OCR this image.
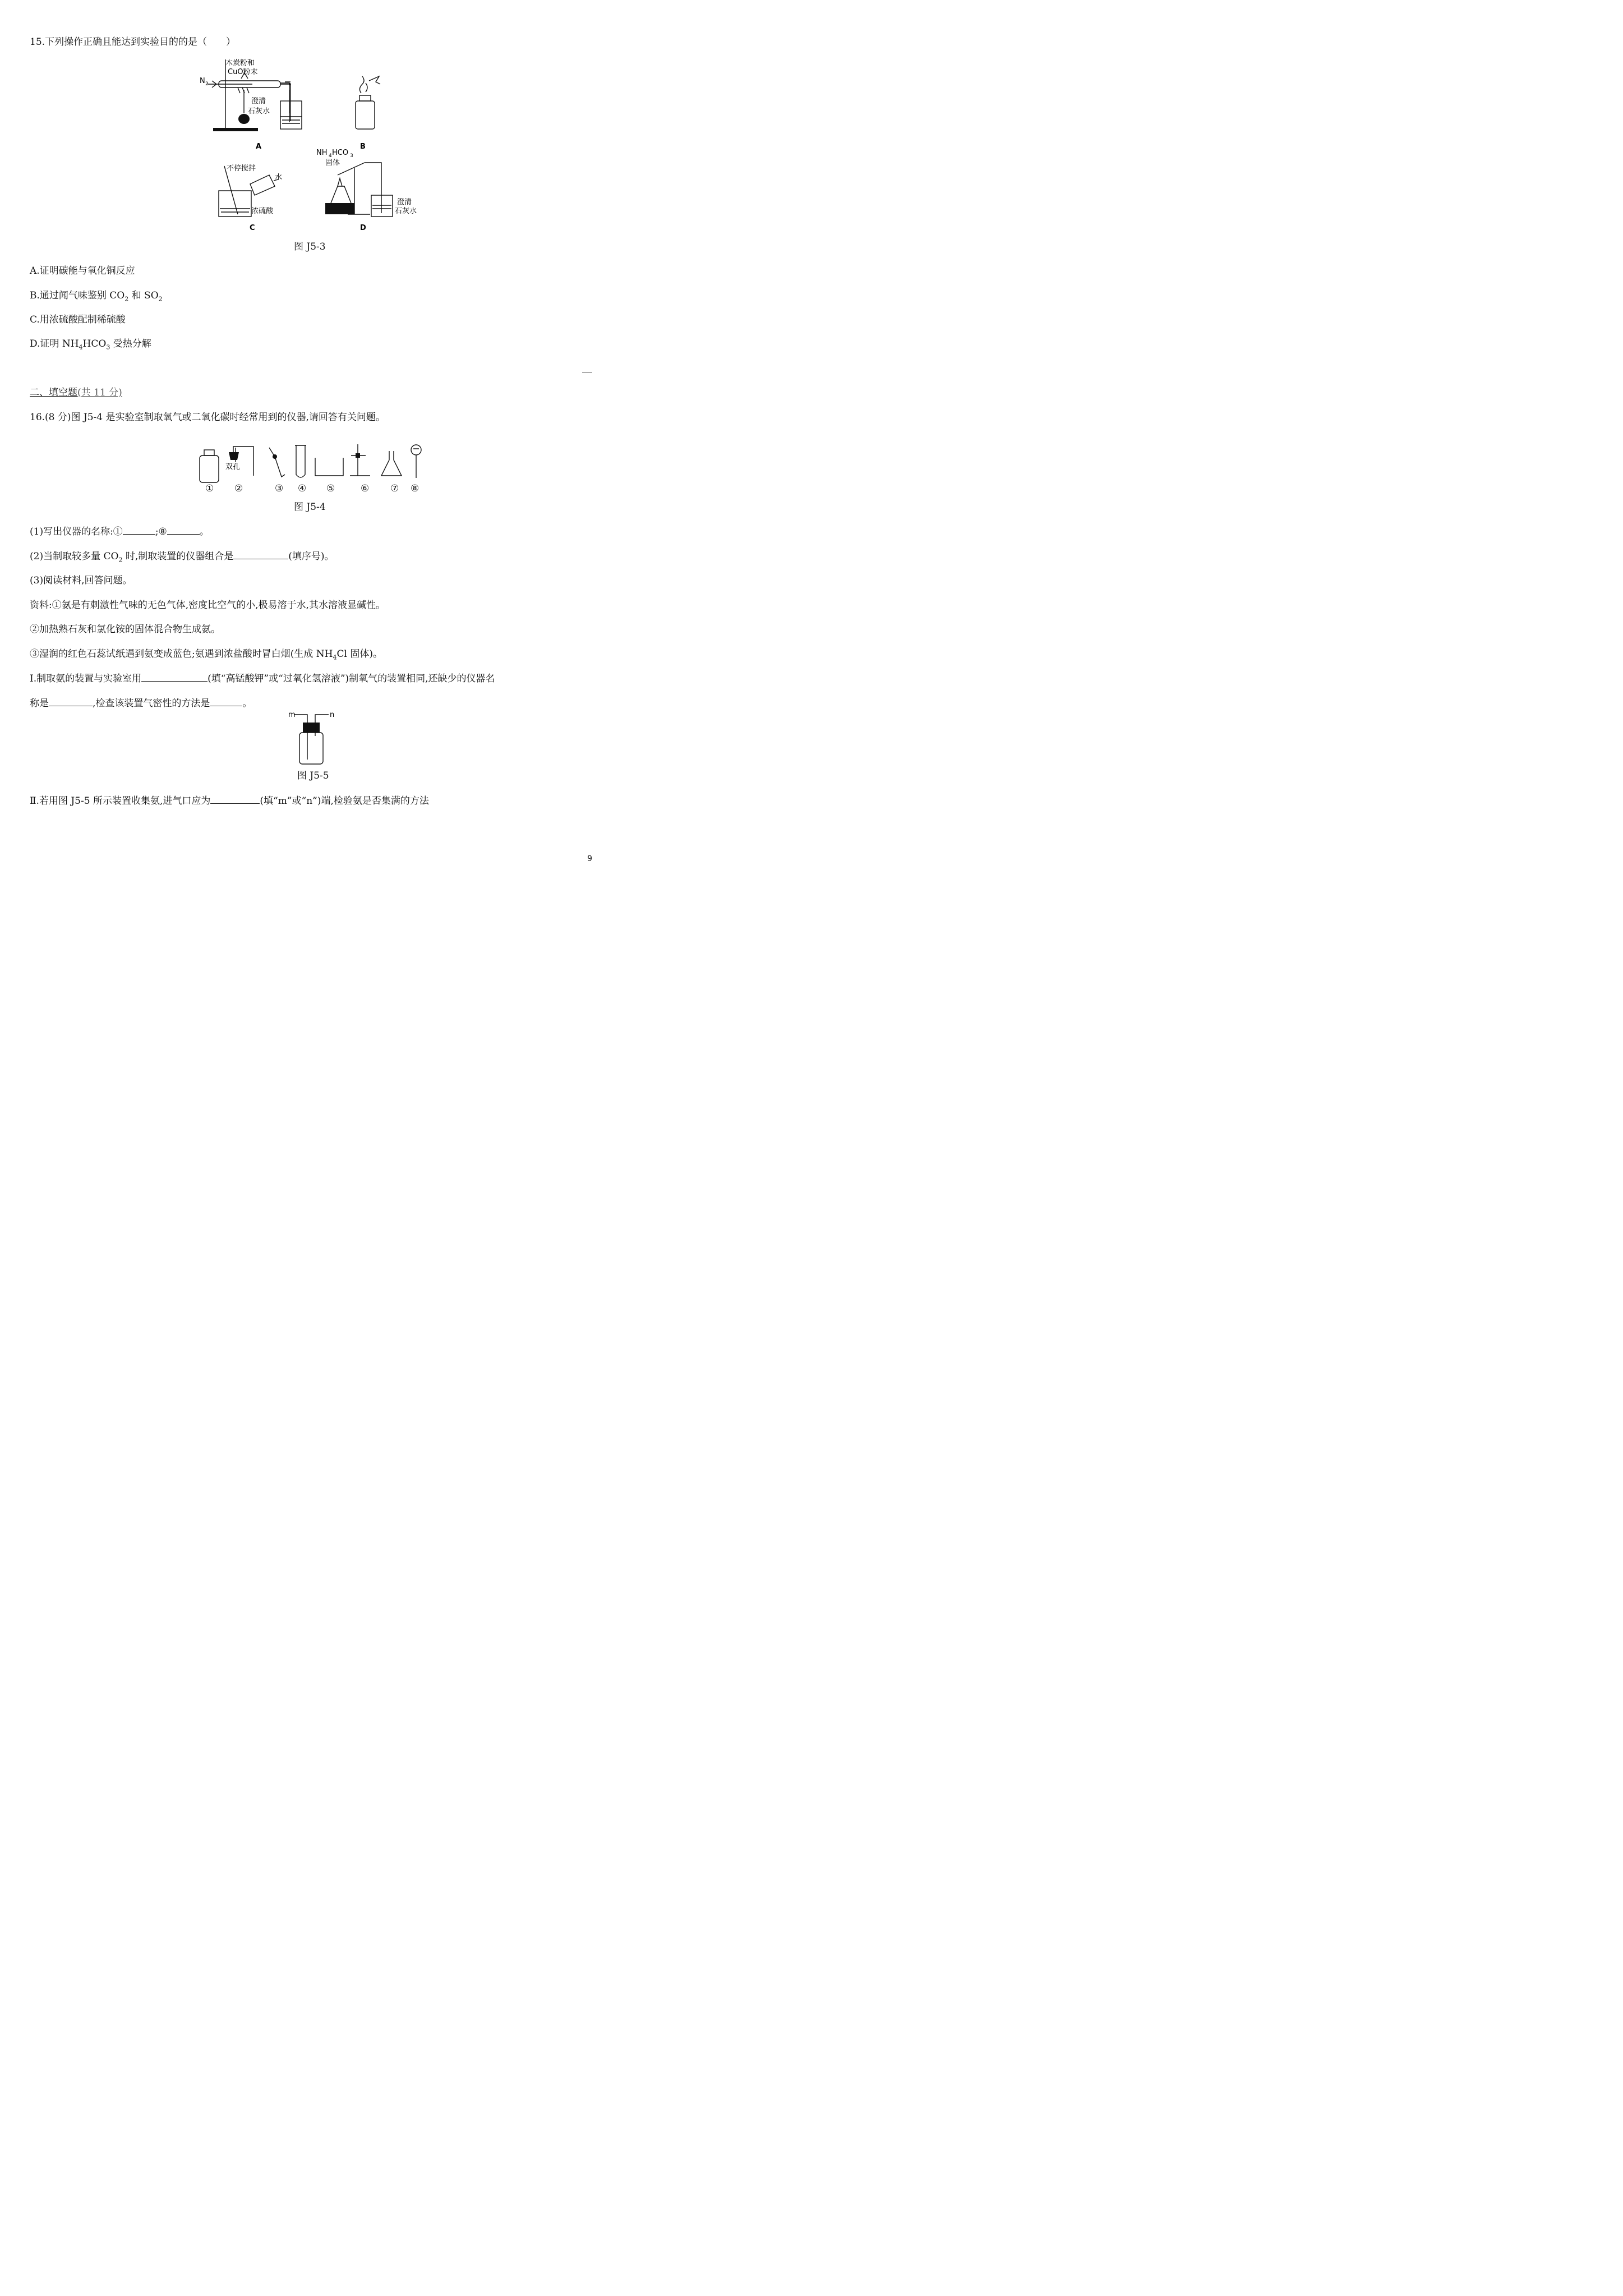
15.下列操作正确且能达到实验目的的是（　　）
木炭粉和
CuO粉末
N 2
澄清
石灰水
A	B
不停搅拌
水
浓硫酸
C
NH 4 HCO 3
固体
澄清
石灰水
D
图 J5-3
A.证明碳能与氧化铜反应
B.通过闻气味鉴别 $CO_2$ 和 $SO_2$
C.用浓硫酸配制稀硫酸
D.证明 $NH_4HCO_3$ 受热分解
二、填空题(共 11 分)
16.(8 分)图 J5-4 是实验室制取氧气或二氧化碳时经常用到的仪器,请回答有关问题。
双孔
① ②	③ ④ ⑤	⑥ ⑦ ⑧
图 J5-4
(1)写出仪器的名称:①	;⑧	。
(2)当制取较多量 $CO_2$ 时,制取装置的仪器组合是	(填序号)。
(3)阅读材料,回答问题。
资料:①氨是有刺激性气味的无色气体,密度比空气的小,极易溶于水,其水溶液显碱性。
②加热熟石灰和氯化铵的固体混合物生成氨。
③湿润的红色石蕊试纸遇到氨变成蓝色;氨遇到浓盐酸时冒白烟(生成 $NH_4Cl$ 固体)。
Ⅰ.制取氨的装置与实验室用	(填“高锰酸钾”或“过氧化氢溶液”)制氧气的装置相同,还缺少的仪器名
称是	,检查该装置气密性的方法是	。
m	n
图 J5-5
Ⅱ.若用图 J5-5 所示装置收集氨,进气口应为	(填“m”或“n”)端,检验氨是否集满的方法
9
